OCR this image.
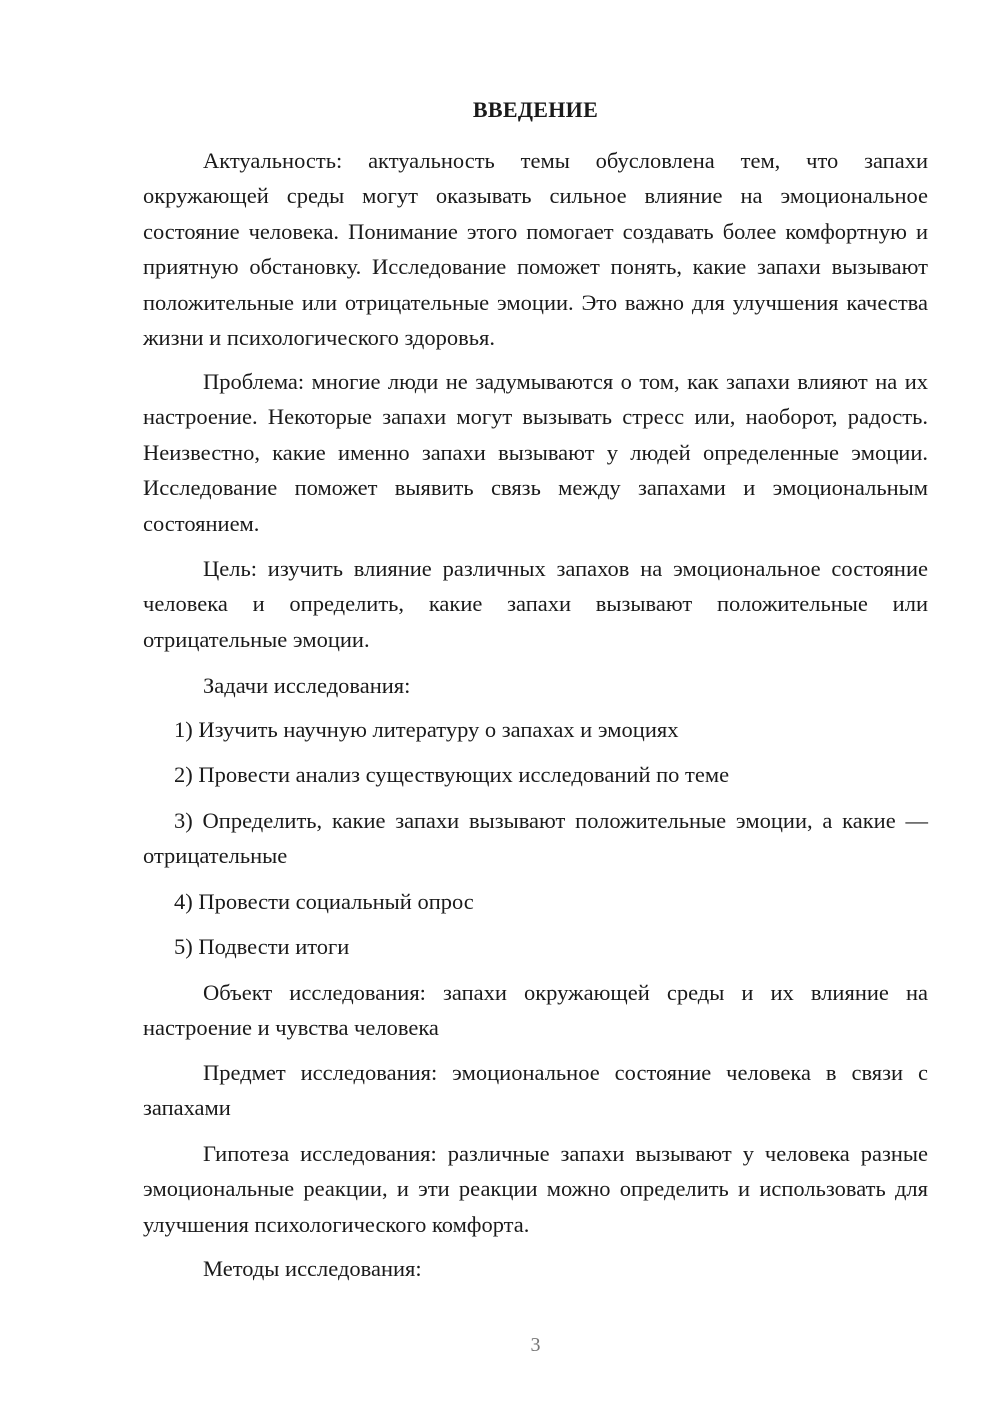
ВВЕДЕНИЕ

Актуальность: актуальность темы обусловлена тем, что запахи окружающей среды могут оказывать сильное влияние на эмоциональное состояние человека. Понимание этого помогает создавать более комфортную и приятную обстановку. Исследование поможет понять, какие запахи вызывают положительные или отрицательные эмоции. Это важно для улучшения качества жизни и психологического здоровья.

Проблема: многие люди не задумываются о том, как запахи влияют на их настроение. Некоторые запахи могут вызывать стресс или, наоборот, радость. Неизвестно, какие именно запахи вызывают у людей определенные эмоции. Исследование поможет выявить связь между запахами и эмоциональным состоянием.

Цель: изучить влияние различных запахов на эмоциональное состояние человека и определить, какие запахи вызывают положительные или отрицательные эмоции.

Задачи исследования:

1) Изучить научную литературу о запахах и эмоциях

2) Провести анализ существующих исследований по теме

3) Определить, какие запахи вызывают положительные эмоции, а какие — отрицательные

4) Провести социальный опрос

5) Подвести итоги

Объект исследования: запахи окружающей среды и их влияние на настроение и чувства человека

Предмет исследования: эмоциональное состояние человека в связи с запахами

Гипотеза исследования: различные запахи вызывают у человека разные эмоциональные реакции, и эти реакции можно определить и использовать для улучшения психологического комфорта.

Методы исследования:

3
